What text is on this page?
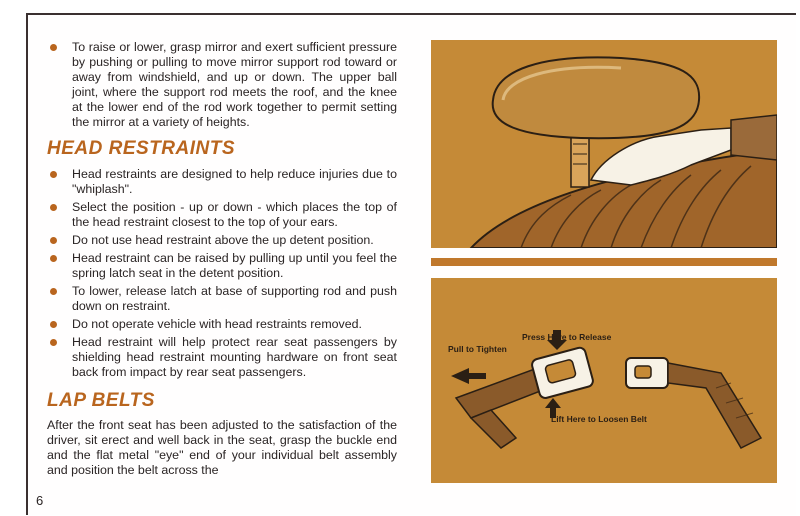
To raise or lower, grasp mirror and exert sufficient pressure by pushing or pulling to move mirror support rod toward or away from windshield, and up or down. The upper ball joint, where the support rod meets the roof, and the knee at the lower end of the rod work together to permit setting the mirror at a variety of heights.
HEAD RESTRAINTS
Head restraints are designed to help reduce injuries due to "whiplash".
Select the position - up or down - which places the top of the head restraint closest to the top of your ears.
Do not use head restraint above the up detent position.
Head restraint can be raised by pulling up until you feel the spring latch seat in the detent position.
To lower, release latch at base of supporting rod and push down on restraint.
Do not operate vehicle with head restraints removed.
Head restraint will help protect rear seat passengers by shielding head restraint mounting hardware on front seat back from impact by rear seat passengers.
LAP BELTS

After the front seat has been adjusted to the satisfaction of the driver, sit erect and well back in the seat, grasp the buckle end and the flat metal "eye" end of your individual belt assembly and position the belt across the

6
Pull to Tighten
Press Here to Release
Lift Here to Loosen Belt
